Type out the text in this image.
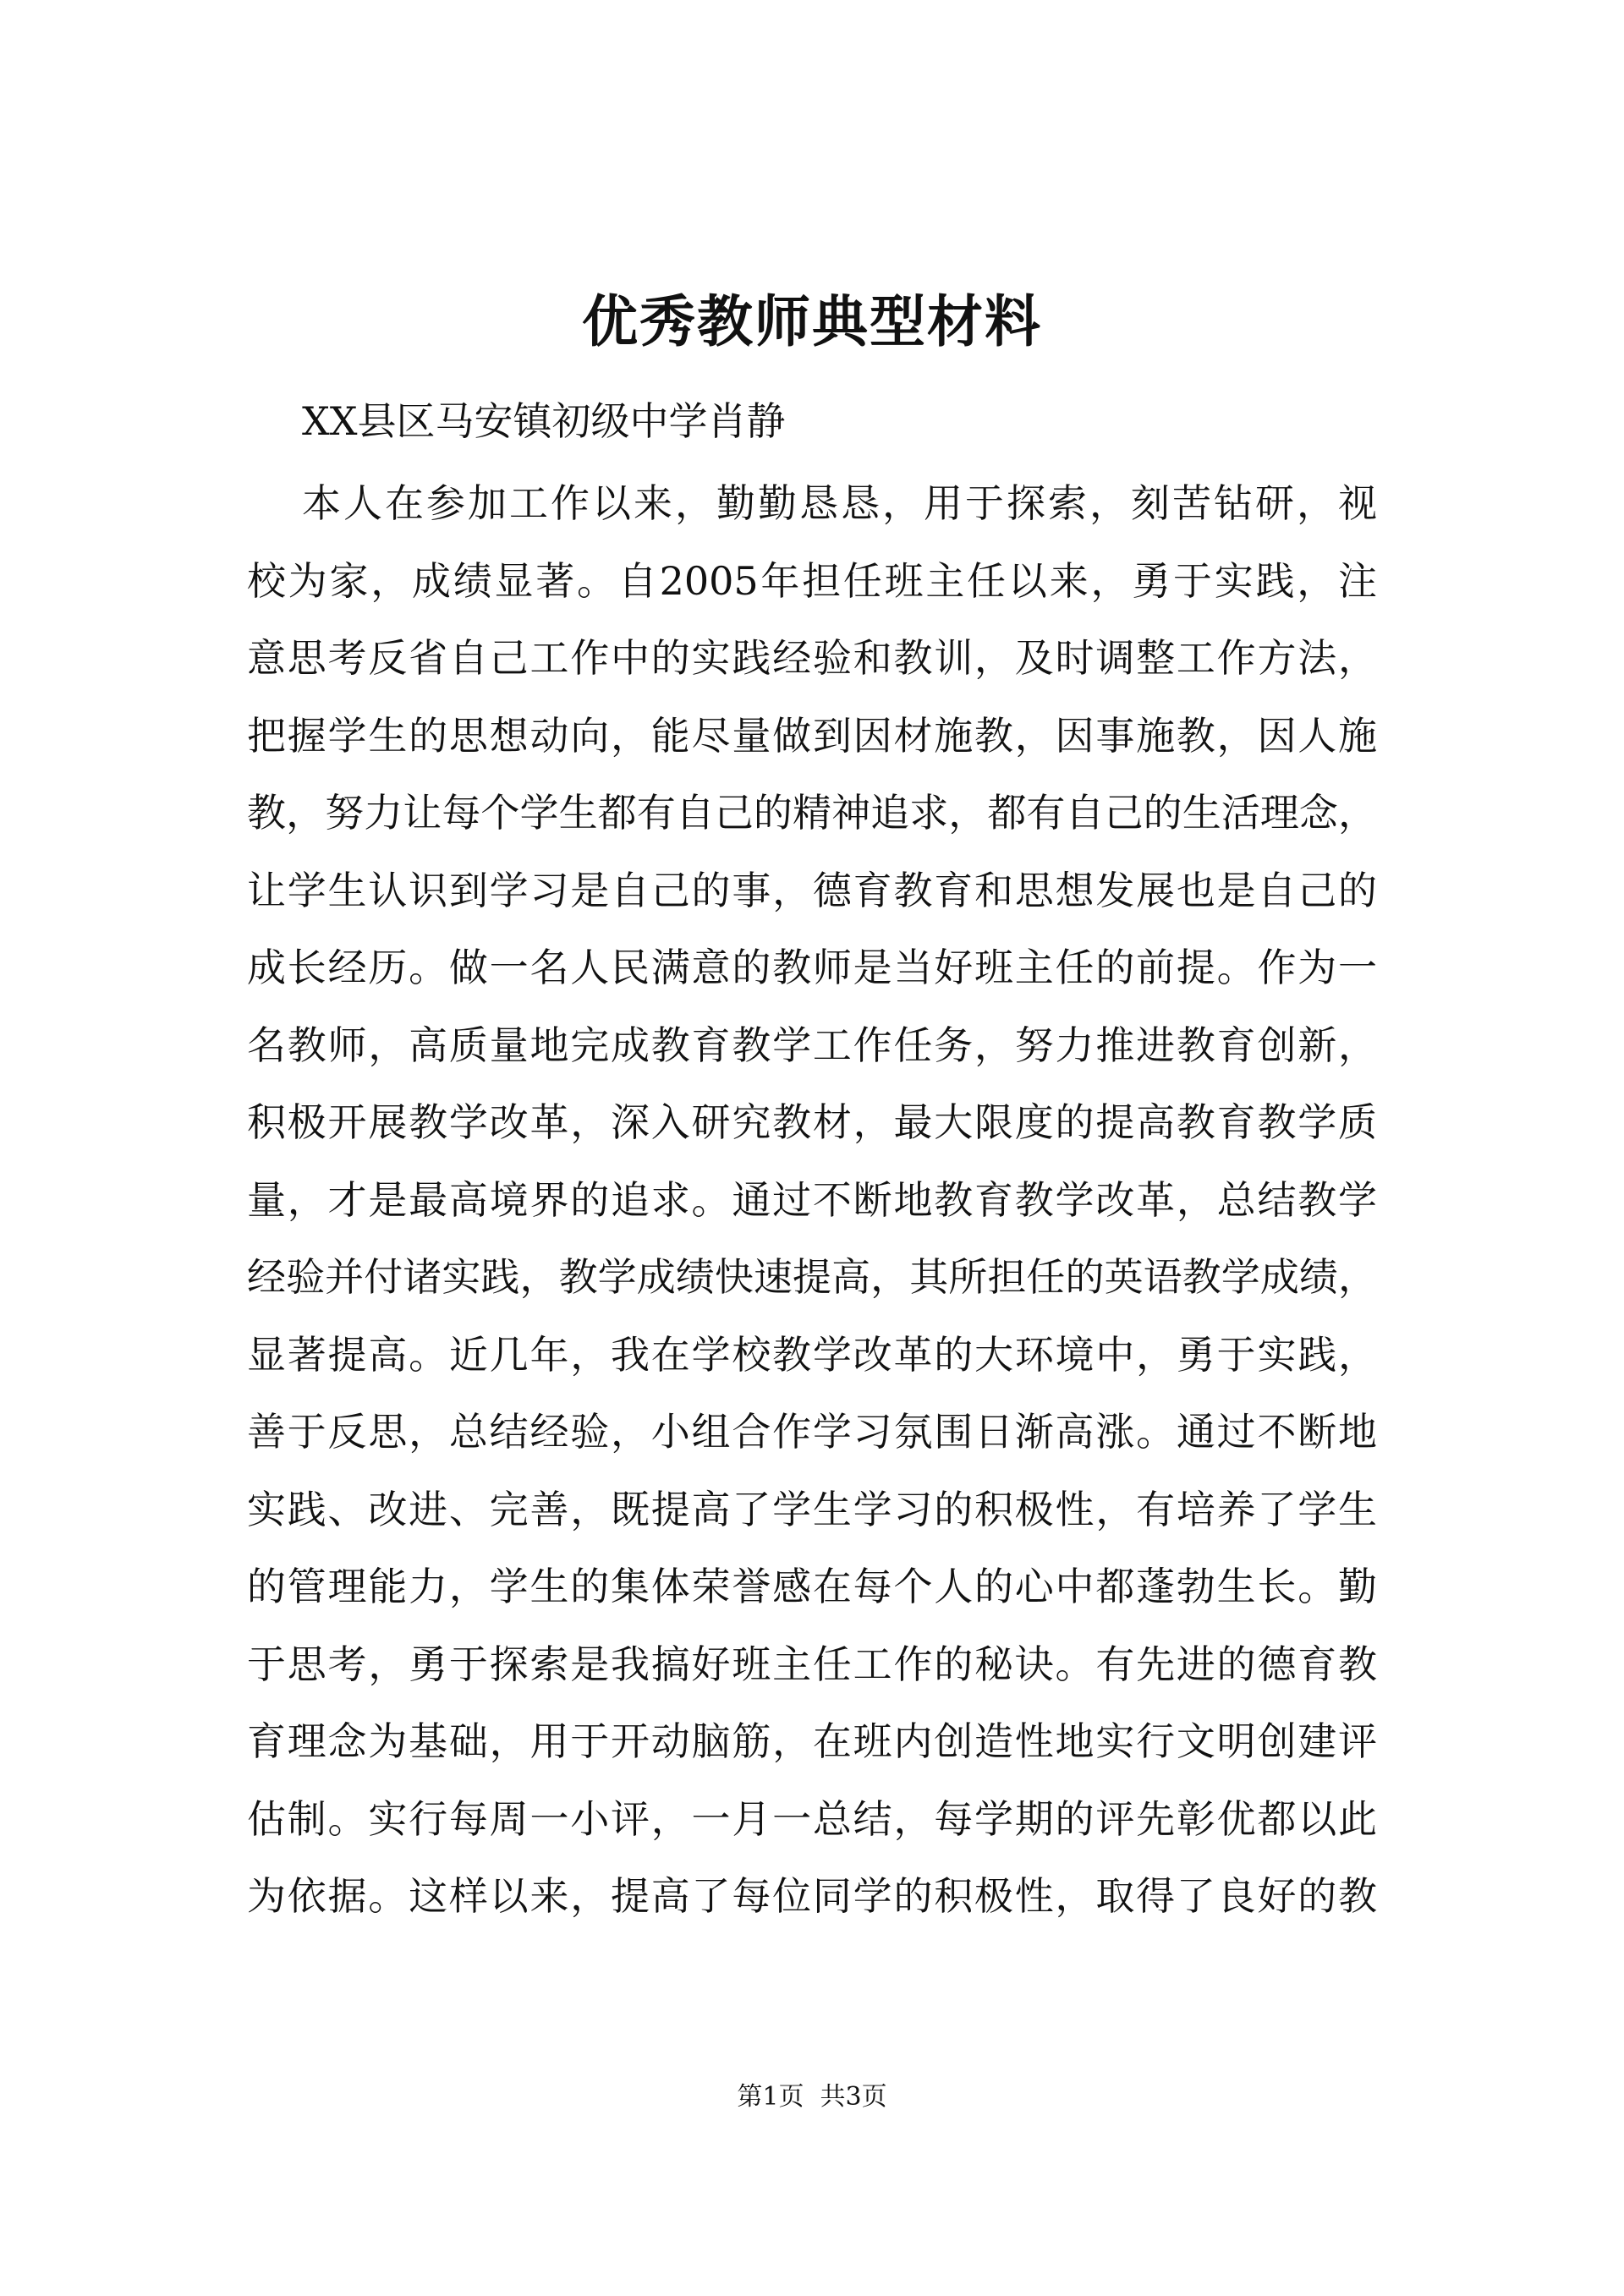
优秀教师典型材料

XX县区马安镇初级中学肖静

本人在参加工作以来，勤勤恳恳，用于探索，刻苦钻研，视
校为家，成绩显著。自2005年担任班主任以来，勇于实践，注
意思考反省自己工作中的实践经验和教训，及时调整工作方法，
把握学生的思想动向，能尽量做到因材施教，因事施教，因人施
教，努力让每个学生都有自己的精神追求，都有自己的生活理念，
让学生认识到学习是自己的事，德育教育和思想发展也是自己的
成长经历。做一名人民满意的教师是当好班主任的前提。作为一
名教师，高质量地完成教育教学工作任务，努力推进教育创新，
积极开展教学改革，深入研究教材，最大限度的提高教育教学质
量，才是最高境界的追求。通过不断地教育教学改革，总结教学
经验并付诸实践，教学成绩快速提高，其所担任的英语教学成绩，
显著提高。近几年，我在学校教学改革的大环境中，勇于实践，
善于反思，总结经验，小组合作学习氛围日渐高涨。通过不断地
实践、改进、完善，既提高了学生学习的积极性，有培养了学生
的管理能力，学生的集体荣誉感在每个人的心中都蓬勃生长。勤
于思考，勇于探索是我搞好班主任工作的秘诀。有先进的德育教
育理念为基础，用于开动脑筋，在班内创造性地实行文明创建评
估制。实行每周一小评，一月一总结，每学期的评先彰优都以此
为依据。这样以来，提高了每位同学的积极性，取得了良好的教
第1页  共3页
